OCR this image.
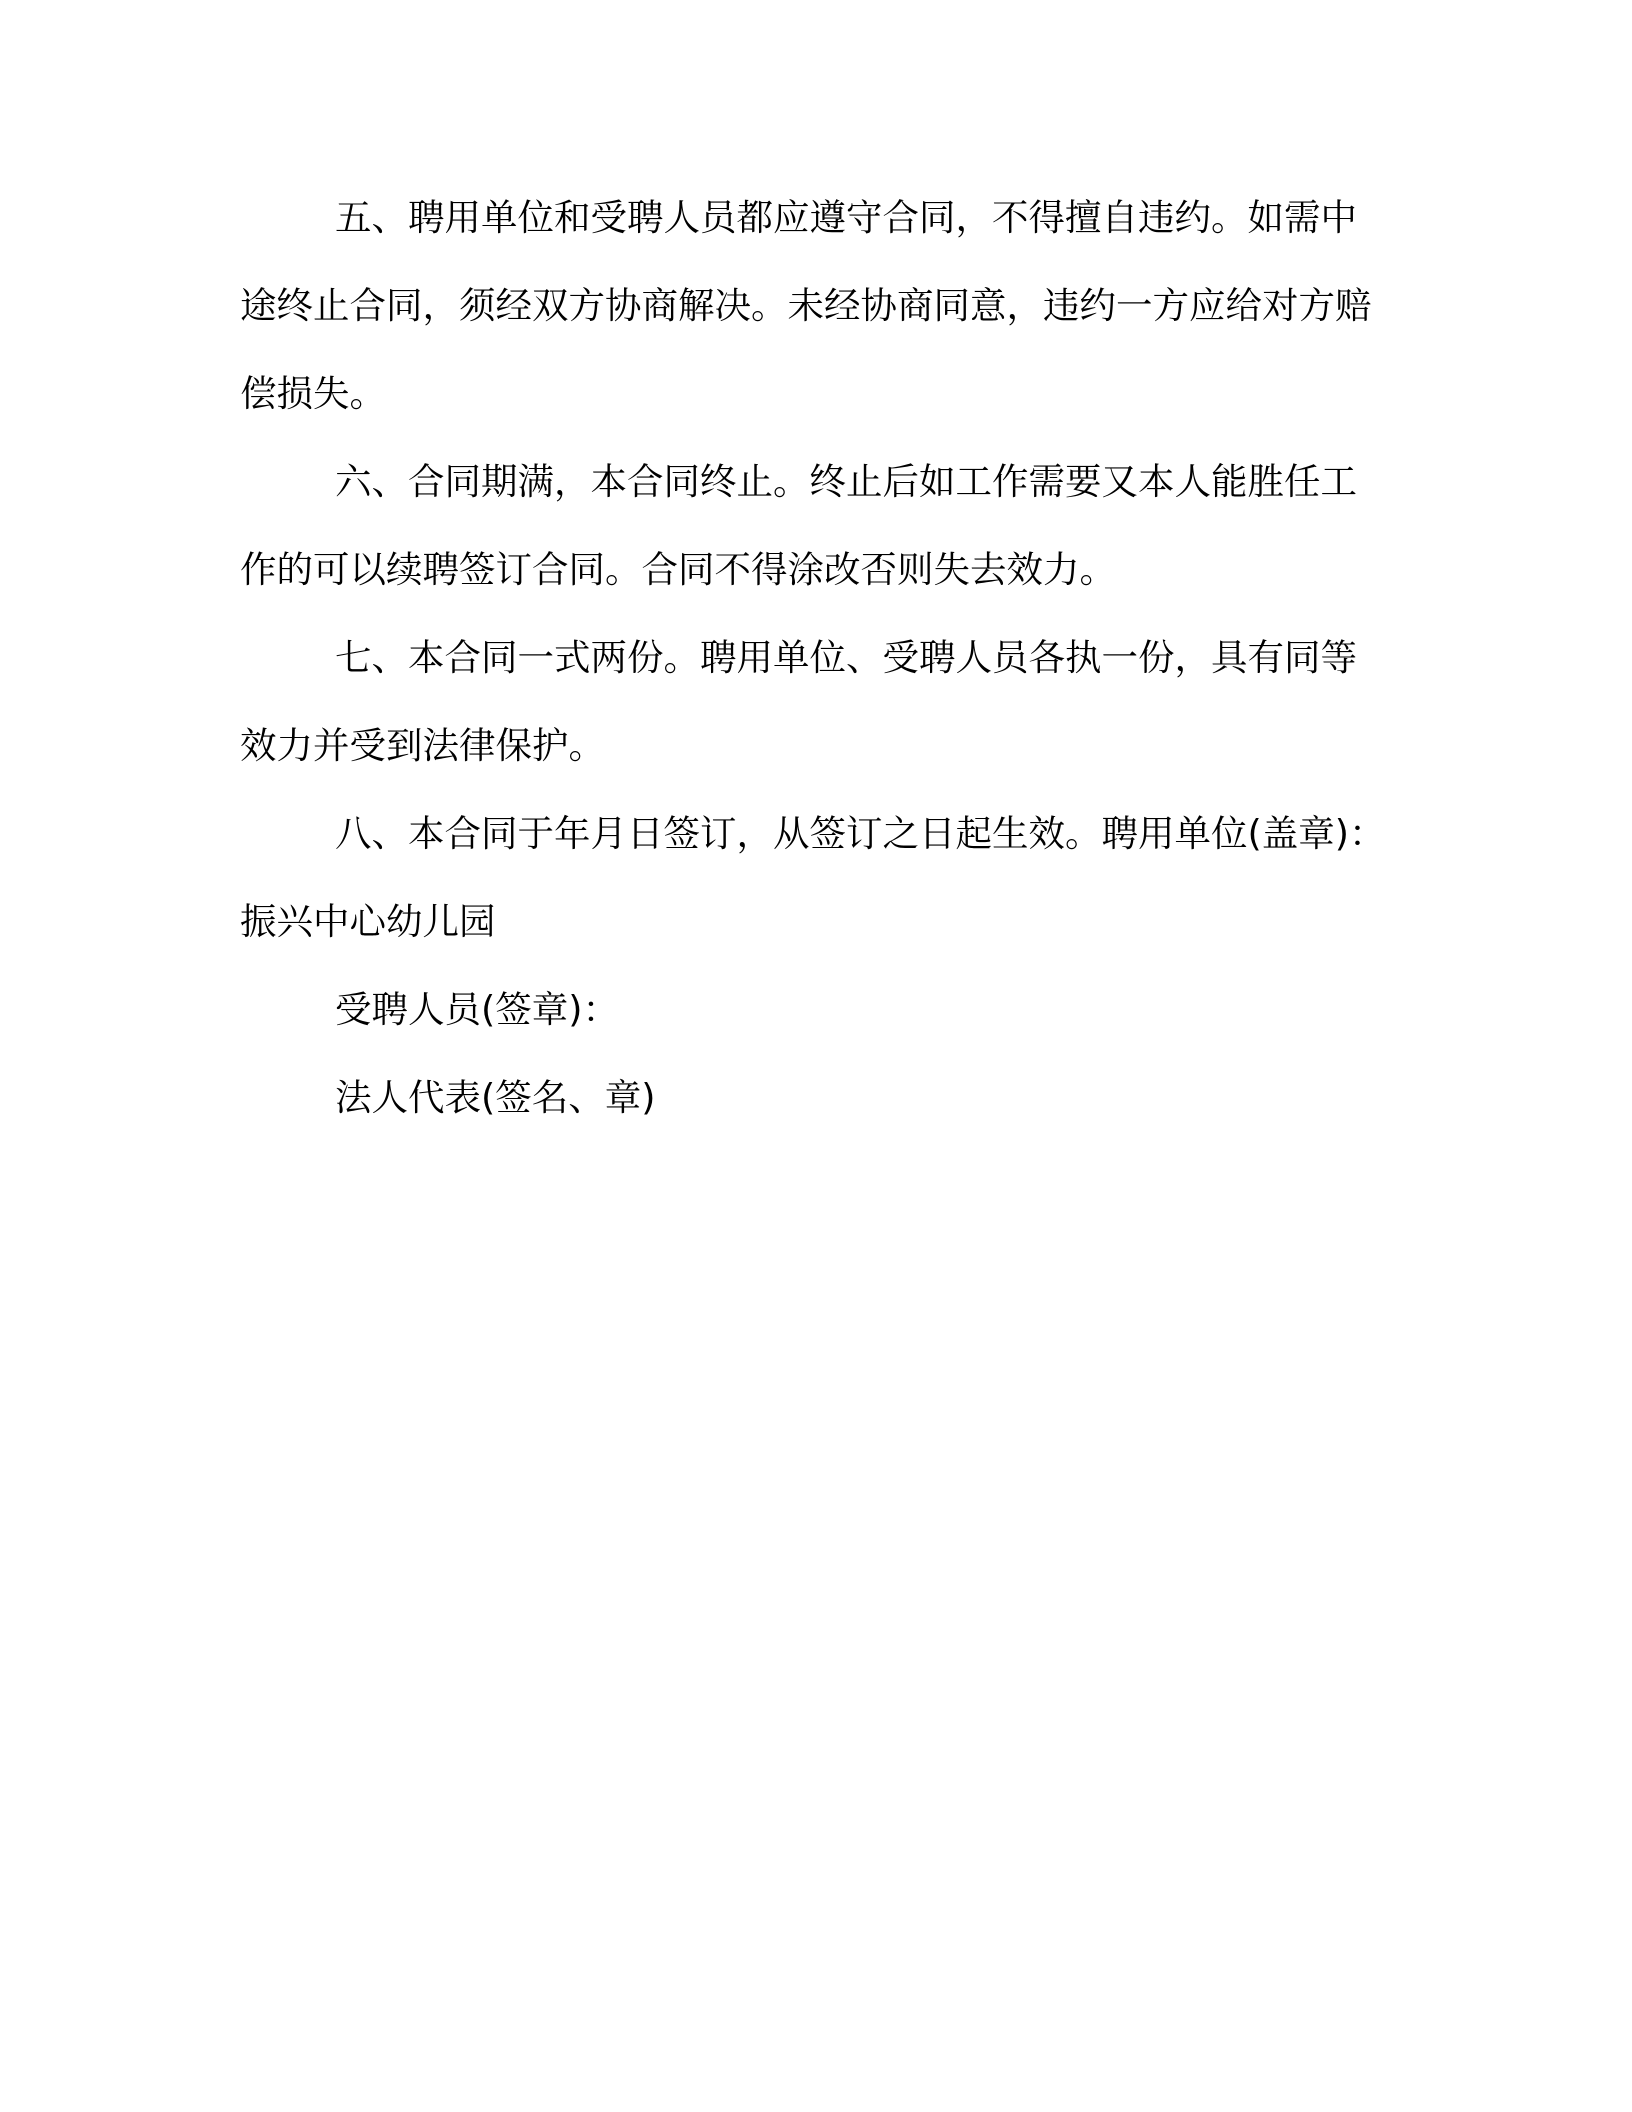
五、聘用单位和受聘人员都应遵守合同，不得擅自违约。如需中途终止合同，须经双方协商解决。未经协商同意，违约一方应给对方赔偿损失。

六、合同期满，本合同终止。终止后如工作需要又本人能胜任工作的可以续聘签订合同。合同不得涂改否则失去效力。

七、本合同一式两份。聘用单位、受聘人员各执一份，具有同等效力并受到法律保护。

八、本合同于年月日签订，从签订之日起生效。聘用单位(盖章)：振兴中心幼儿园

受聘人员(签章)：

法人代表(签名、章)
